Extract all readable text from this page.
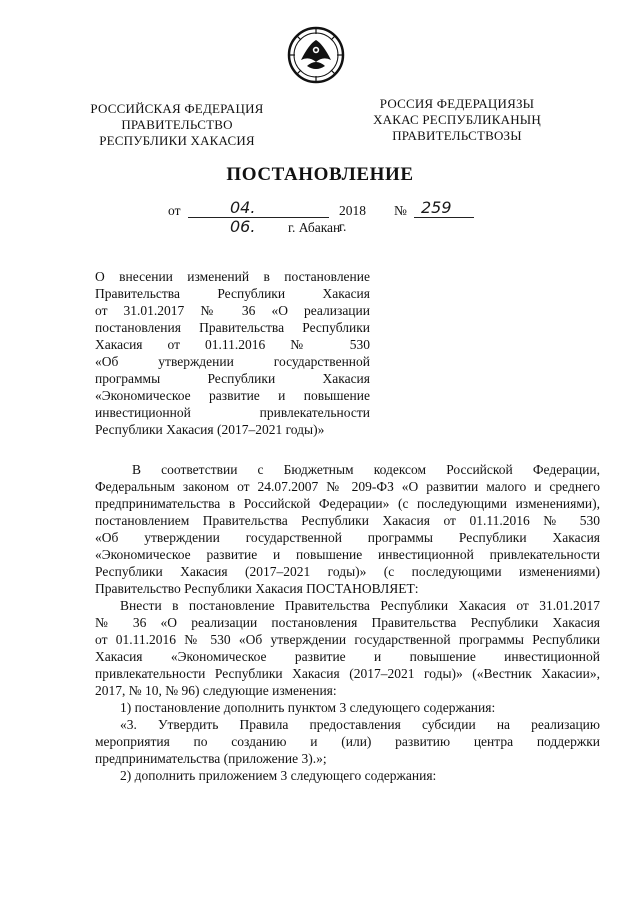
РОССИЙСКАЯ ФЕДЕРАЦИЯ
ПРАВИТЕЛЬСТВО
РЕСПУБЛИКИ ХАКАСИЯ
РОССИЯ ФЕДЕРАЦИЯЗЫ
ХАКАС РЕСПУБЛИКАНЫҢ
ПРАВИТЕЛЬСТВОЗЫ
ПОСТАНОВЛЕНИЕ
от	04. 06.
2018 г.
№ 259
г. Абакан
О внесении изменений в постановление
Правительства Республики Хакасия
от 31.01.2017 № 36 «О реализации
постановления Правительства Республики
Хакасия от 01.11.2016 № 530
«Об утверждении государственной
программы Республики Хакасия
«Экономическое развитие и повышение
инвестиционной привлекательности
Республики Хакасия (2017–2021 годы)»
В соответствии с Бюджетным кодексом Российской Федерации,
Федеральным законом от 24.07.2007 № 209-ФЗ «О развитии малого и среднего
предпринимательства в Российской Федерации» (с последующими изменениями),
постановлением Правительства Республики Хакасия от 01.11.2016 № 530
«Об утверждении государственной программы Республики Хакасия
«Экономическое развитие и повышение инвестиционной привлекательности
Республики Хакасия (2017–2021 годы)» (с последующими изменениями)
Правительство Республики Хакасия ПОСТАНОВЛЯЕТ:
Внести в постановление Правительства Республики Хакасия от 31.01.2017
№ 36 «О реализации постановления Правительства Республики Хакасия
от 01.11.2016 № 530 «Об утверждении государственной программы Республики
Хакасия «Экономическое развитие и повышение инвестиционной
привлекательности Республики Хакасия (2017–2021 годы)» («Вестник Хакасии»,
2017, № 10, № 96) следующие изменения:
1) постановление дополнить пунктом 3 следующего содержания:
«3. Утвердить Правила предоставления субсидии на реализацию
мероприятия по созданию и (или) развитию центра поддержки
предпринимательства (приложение 3).»;
2) дополнить приложением 3 следующего содержания:
